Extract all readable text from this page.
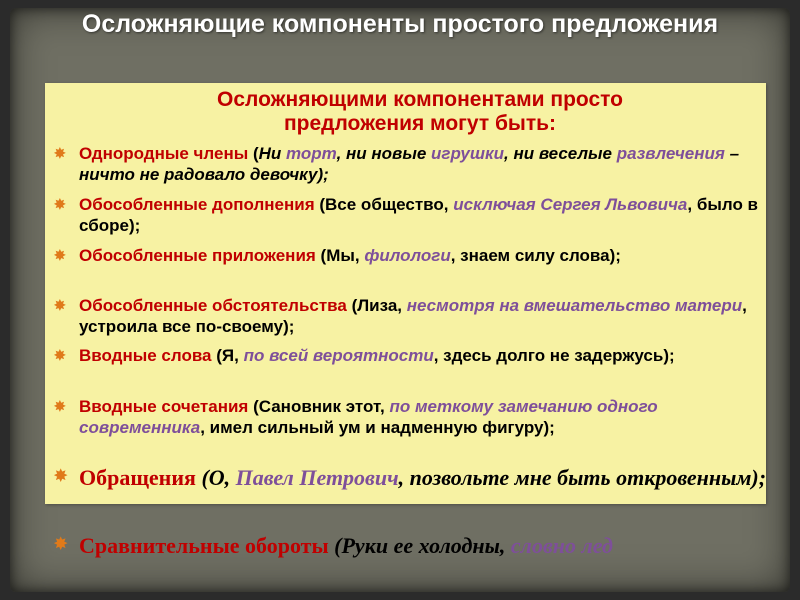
Осложняющие компоненты простого предложения
Осложняющими компонентами просто предложения могут быть:
✸ Однородные члены (Ни торт, ни новые игрушки, ни веселые развлечения – ничто не радовало девочку);
✸ Обособленные дополнения (Все общество, исключая Сергея Львовича, было в сборе);
✸ Обособленные приложения (Мы, филологи, знаем силу слова);
✸ Обособленные обстоятельства (Лиза, несмотря на вмешательство матери, устроила все по-своему);
✸ Вводные слова (Я, по всей вероятности, здесь долго не задержусь);
✸ Вводные сочетания (Сановник этот, по меткому замечанию одного современника, имел сильный ум и надменную фигуру);
✸ Обращения (О, Павел Петрович, позвольте мне быть откровенным);
✸ Сравнительные обороты (Руки ее холодны, словно лед
